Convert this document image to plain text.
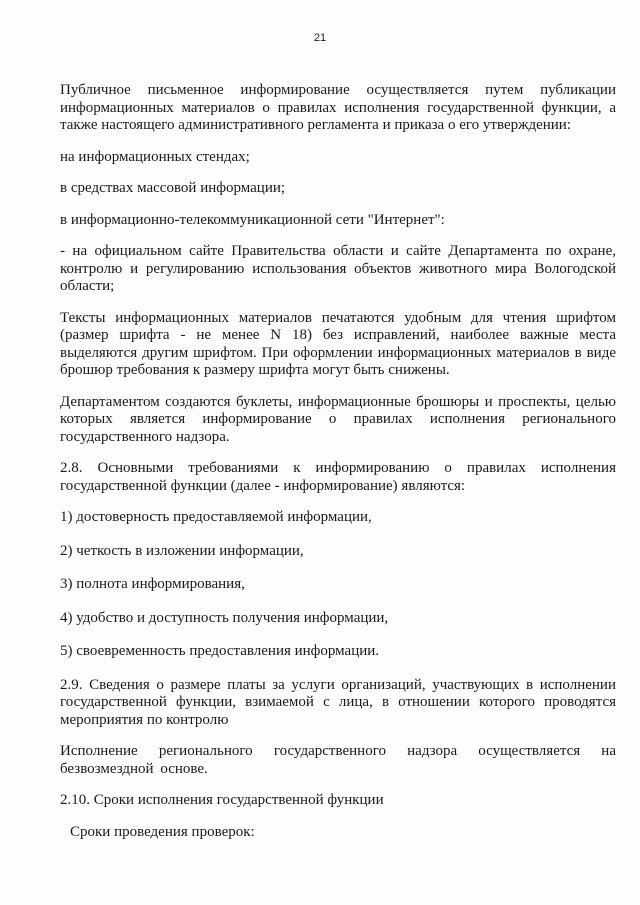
21

Публичное письменное информирование осуществляется путем публикации информационных материалов о правилах исполнения государственной функции, а также настоящего административного регламента и приказа о его утверждении:

на информационных стендах;

в средствах массовой информации;

в информационно-телекоммуникационной сети "Интернет":

- на официальном сайте Правительства области и сайте Департамента по охране, контролю и регулированию использования объектов животного мира Вологодской области;

Тексты информационных материалов печатаются удобным для чтения шрифтом (размер шрифта - не менее N 18) без исправлений, наиболее важные места выделяются другим шрифтом. При оформлении информационных материалов в виде брошюр требования к размеру шрифта могут быть снижены.

Департаментом создаются буклеты, информационные брошюры и проспекты, целью которых является информирование о правилах исполнения регионального государственного надзора.

2.8. Основными требованиями к информированию о правилах исполнения государственной функции (далее - информирование) являются:

1) достоверность предоставляемой информации,

2) четкость в изложении информации,

3) полнота информирования,

4) удобство и доступность получения информации,

5) своевременность предоставления информации.

2.9. Сведения о размере платы за услуги организаций, участвующих в исполнении государственной функции, взимаемой с лица, в отношении которого проводятся мероприятия по контролю

Исполнение регионального государственного надзора осуществляется на безвозмездной основе.

2.10. Сроки исполнения государственной функции

Сроки проведения проверок:
